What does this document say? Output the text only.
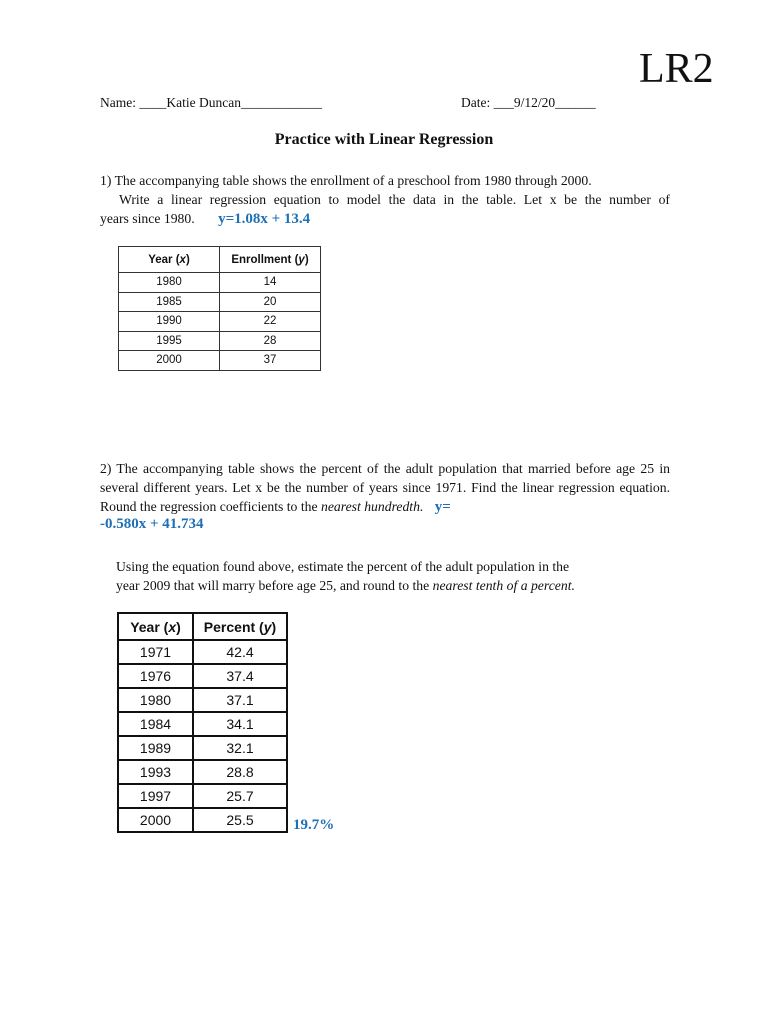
LR2
Name: ____Katie Duncan____________	Date: ___9/12/20______
Practice with Linear Regression
1) The accompanying table shows the enrollment of a preschool from 1980 through 2000.
Write a linear regression equation to model the data in the table. Let x be the number of
years since 1980. y=1.08x + 13.4
Year (x)	Enrollment (y)
1980	14
1985	20
1990	22
1995	28
2000	37
2) The accompanying table shows the percent of the adult population that married before age 25 in several different years. Let x be the number of years since 1971. Find the linear regression equation. Round the regression coefficients to the nearest hundredth. y=
-0.580x + 41.734
Using the equation found above, estimate the percent of the adult population in the
year 2009 that will marry before age 25, and round to the nearest tenth of a percent.
Year (x)	Percent (y)
1971	42.4
1976	37.4
1980	37.1
1984	34.1
1989	32.1
1993	28.8
1997	25.7
2000	25.5	19.7%
